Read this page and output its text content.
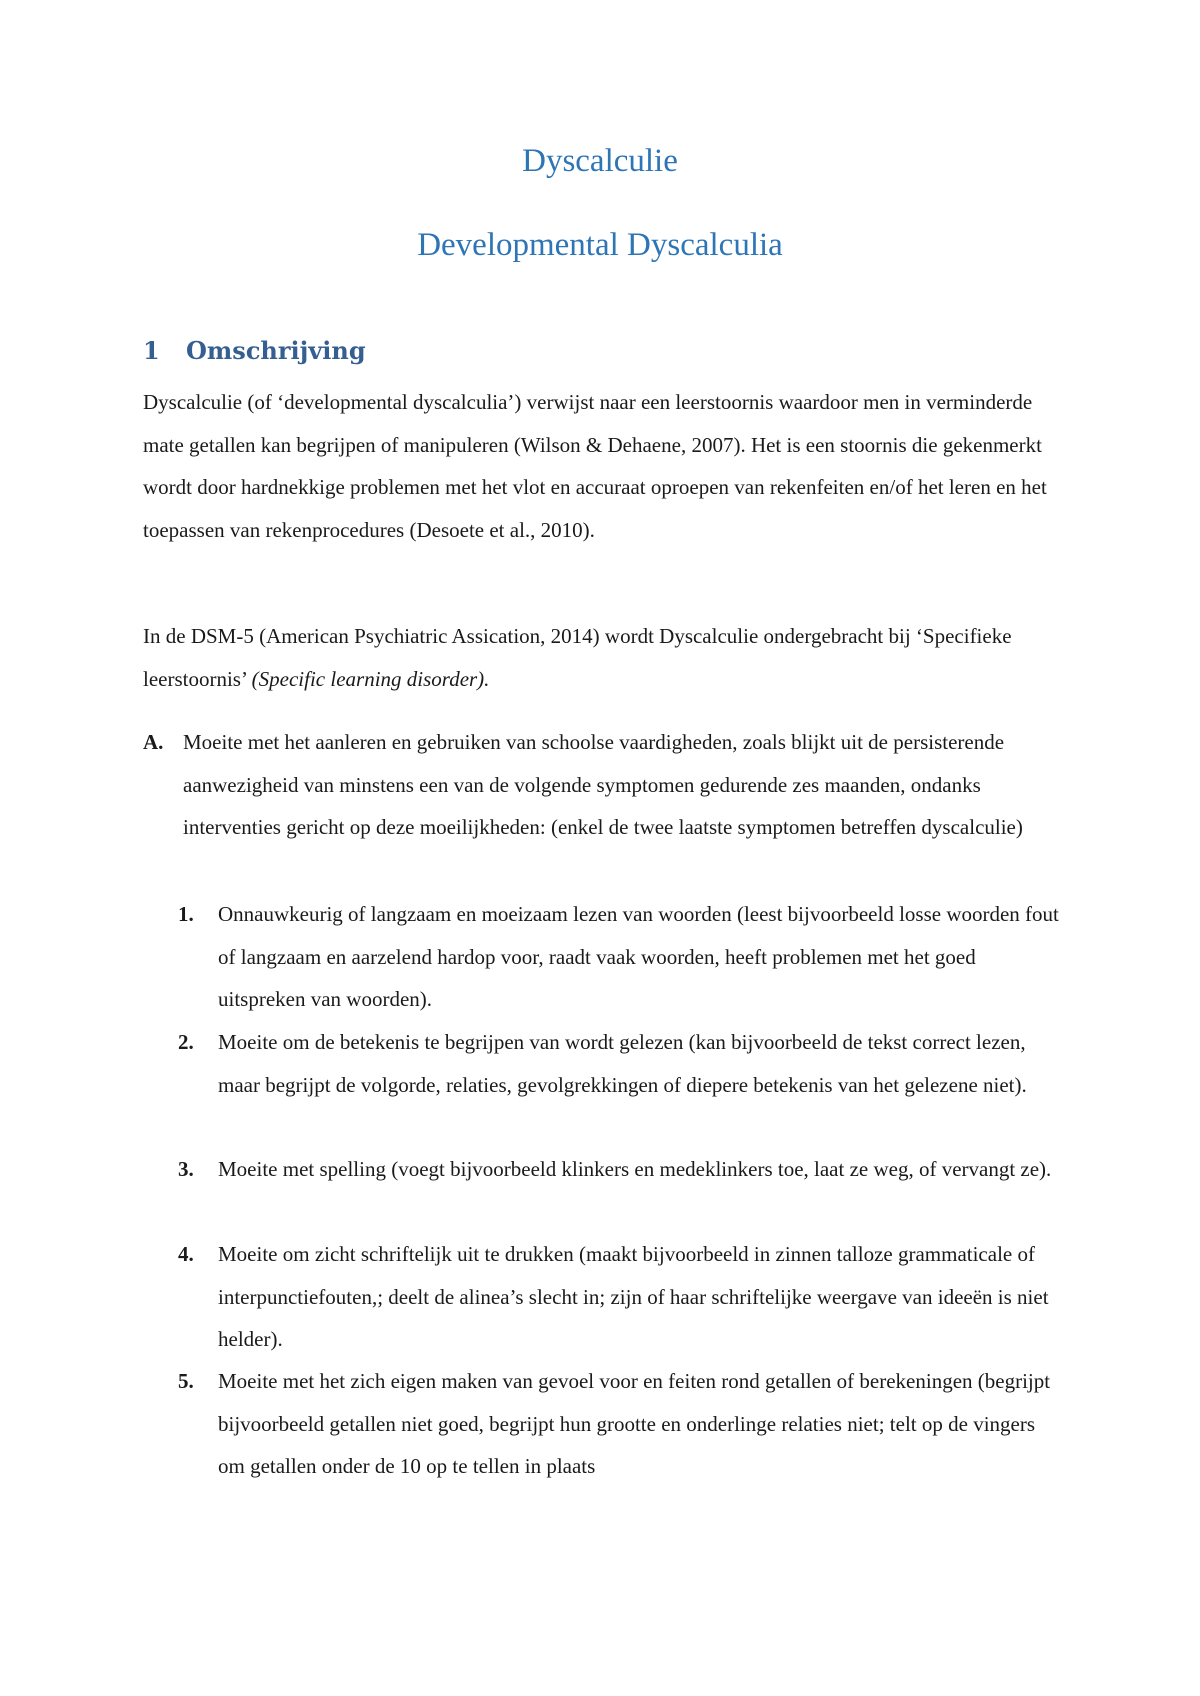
Dyscalculie
Developmental Dyscalculia
1 Omschrijving

Dyscalculie (of ‘developmental dyscalculia’) verwijst naar een leerstoornis waardoor men in verminderde mate getallen kan begrijpen of manipuleren (Wilson & Dehaene, 2007). Het is een stoornis die gekenmerkt wordt door hardnekkige problemen met het vlot en accuraat oproepen van rekenfeiten en/of het leren en het toepassen van rekenprocedures (Desoete et al., 2010).

In de DSM-5 (American Psychiatric Assication, 2014) wordt Dyscalculie ondergebracht bij ‘Specifieke leerstoornis’ (Specific learning disorder).

A. Moeite met het aanleren en gebruiken van schoolse vaardigheden, zoals blijkt uit de persisterende aanwezigheid van minstens een van de volgende symptomen gedurende zes maanden, ondanks interventies gericht op deze moeilijkheden: (enkel de twee laatste symptomen betreffen dyscalculie)
1. Onnauwkeurig of langzaam en moeizaam lezen van woorden (leest bijvoorbeeld losse woorden fout of langzaam en aarzelend hardop voor, raadt vaak woorden, heeft problemen met het goed uitspreken van woorden).
2. Moeite om de betekenis te begrijpen van wordt gelezen (kan bijvoorbeeld de tekst correct lezen, maar begrijpt de volgorde, relaties, gevolgrekkingen of diepere betekenis van het gelezene niet).
3. Moeite met spelling (voegt bijvoorbeeld klinkers en medeklinkers toe, laat ze weg, of vervangt ze).
4. Moeite om zicht schriftelijk uit te drukken (maakt bijvoorbeeld in zinnen talloze grammaticale of interpunctiefouten,; deelt de alinea’s slecht in; zijn of haar schriftelijke weergave van ideeën is niet helder).
5. Moeite met het zich eigen maken van gevoel voor en feiten rond getallen of berekeningen (begrijpt bijvoorbeeld getallen niet goed, begrijpt hun grootte en onderlinge relaties niet; telt op de vingers om getallen onder de 10 op te tellen in plaats
